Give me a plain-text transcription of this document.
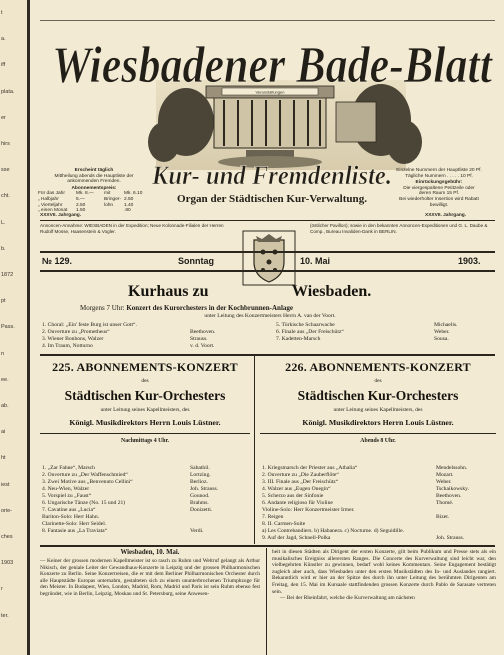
t
a.
iff
plata.
er
hirs
sse
cht.
L.
b.
1872
pt
Pass.
n
ee.
ab.
ai
ht
iest
orie-
ches
1903
r
ter.
Veranstaltungen
Wiesbadener Bade-Blatt
Kur- und Fremdenliste.
Organ der Städtischen Kur-Verwaltung.
Erscheint täglich
Mittheilung abends die Hauptliste der
ankommenden Fremden.
Abonnementspreis:
Für das Jahr	Mk. 8.—	mit	Mk. 6.10
„ Halbjahr	5.—	Bringer- 2.50
„ Vierteljahr	2.50	lohn	1.40
„ einen Monat	1.50	.80
Einzelne Nummern der Hauptliste 20 Pf.
Tägliche Nummern . . . . . 10 Pf.
Einrückungsgebühr:
Die viergespaltene Petitzeile oder
deren Raum 15 Pf.
Bei wiederholter Insertion wird Rabatt
bewilligt.
XXXVII. Jahrgang.	XXXVII. Jahrgang.
Annoncen-Annahme: WIESBADEN in der Expedition; Neue Kolonnade-Filialen der Herren Rudolf Mosse, Haasenstein & Vogler.
(östlicher Pavillon); sowie in den bekannten Annoncen-Expeditionen und G. L. Daube & Comp., Bureau Invaliden-Dank in BERLIN.
№ 129.	Sonntag	10. Mai	1903.
Kurhaus zu	Wiesbaden.
Morgens 7 Uhr: Konzert des Kurorchesters in der Kochbrunnen-Anlage
unter Leitung des Konzertmeisters Herrn A. van der Voort.
1. Choral: „Ein' feste Burg ist unser Gott“.
2. Ouverture zu „Prometheus“	Beethoven.
3. Wiener Bonbons, Walzer	Strauss.
4. Im Traum, Notturno	v. d. Voort.
5. Türkische Schaarwache	Michaelis.
6. Finale aus „Der Freischütz“	Weber.
7. Kadetten-Marsch	Sousa.
225. ABONNEMENTS-KONZERT
des
Städtischen Kur-Orchesters
unter Leitung seines Kapellmeisters, des
Königl. Musikdirektors Herrn Louis Lüstner.
Nachmittags 4 Uhr.
1. „Zar Fahne“, Marsch	Sabathil.
2. Ouverture zu „Der Waffenschmied“	Lortzing.
3. Zwei Motive aus „Benvenuto Cellini“	Berlioz.
4. Neu-Wien, Walzer	Joh. Strauss.
5. Vorspiel zu „Faust“	Gounod.
6. Ungarische Tänze (No. 15 und 21)	Brahms.
7. Cavatine aus „Lucia“	Donizetti.
Bariton-Solo: Herr Hahn.
Clarinette-Solo: Herr Seidel.
8. Fantasie aus „La Traviata“	Verdi.
226. ABONNEMENTS-KONZERT
des
Städtischen Kur-Orchesters
unter Leitung seines Kapellmeisters, des
Königl. Musikdirektors Herrn Louis Lüstner.
Abends 8 Uhr.
1. Kriegsmarsch der Priester aus „Athalia“	Mendelssohn.
2. Ouverture zu „Die Zauberflöte“	Mozart.
3. III. Finale aus „Der Freischütz“	Weber.
4. Walzer aus „Eugen Onegin“	Tschaikowsky.
5. Scherzo aus der Sinfonie	Beethoven.
6. Andante religioso für Violine	Thomé.
Violine-Solo: Herr Konzertmeister Irmer.
7. Reigen	Bizet.
8. II. Carmen-Suite
a) Les Contrebandiers. b) Habanera. c) Nocturne. d) Seguidille.
9. Auf der Jagd, Schnell-Polka	Joh. Strauss.
Wiesbaden, 10. Mai.
— Keiner der grossen modernen Kapellmeister ist so rasch zu Ruhm und Weltruf gelangt als Arthur Nikisch, der geniale Leiter der Gewandhaus-Konzerte in Leipzig und der grossen Philharmonischen Konzerte zu Berlin. Seine Konzertreisen, die er mit dem Berliner Philharmonischen Orchester durch alle Hauptstädte Europas unternahm, gestalteten sich zu einem ununterbrochenen Triumphzuge für den Meister. In Budapest, Wien, London, Madrid, Rom, Madrid und Paris ist sein Ruhm ebenso fest begründet, wie in Berlin, Leipzig, Moskau und St. Petersburg, seine Anwesen-
heit in diesen Städten als Dirigent der ersten Konzerte, gilt beim Publikum und Presse stets als ein musikalisches Ereigniss allerersten Ranges. Die Concerte des Kurverwaltung sind leicht war, den vielbegehrten Künstler zu gewinnen, bedarf wohl keines Kommentars. Seine Engagement bestätigt zugleich aber auch, dass Wiesbaden unter den ersten Musikstädten des In- und Auslandes rangiert. Bekanntlich wird er hier an der Spitze des durch ihn unter Leitung des berühmten Dirigenten am Freitag, den 15. Mai im Kursaale stattfindenden grossen Konzerte durch Pablo de Sarasate vertreten sein.
— Bei der Rheinfahrt, welche die Kurverwaltung am nächsten
